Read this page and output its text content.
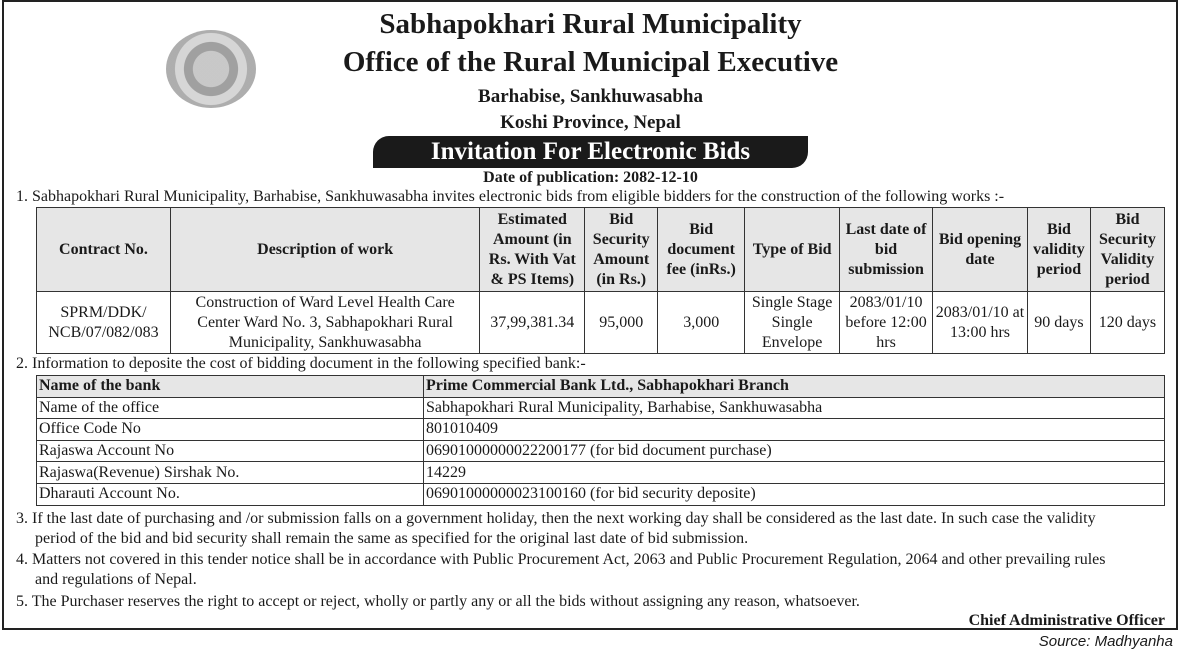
Sabhapokhari Rural Municipality
Office of the Rural Municipal Executive
Barhabise, Sankhuwasabha
Koshi Province, Nepal
Invitation For Electronic Bids
Date of publication: 2082-12-10
1. Sabhapokhari Rural Municipality, Barhabise, Sankhuwasabha invites electronic bids from eligible bidders for the construction of the following works :-
Contract No.	Description of work	Estimated Amount (in Rs. With Vat & PS Items)	Bid Security Amount (in Rs.)	Bid document fee (inRs.)	Type of Bid	Last date of bid submission	Bid opening date	Bid validity period	Bid Security Validity period
SPRM/DDK/ NCB/07/082/083	Construction of Ward Level Health Care Center Ward No. 3, Sabhapokhari Rural Municipality, Sankhuwasabha	37,99,381.34	95,000	3,000	Single Stage Single Envelope	2083/01/10 before 12:00 hrs	2083/01/10 at 13:00 hrs	90 days	120 days
2. Information to deposite the cost of bidding document in the following specified bank:-
Name of the bank	Prime Commercial Bank Ltd., Sabhapokhari Branch
Name of the office	Sabhapokhari Rural Municipality, Barhabise, Sankhuwasabha
Office Code No	801010409
Rajaswa Account No	06901000000022200177 (for bid document purchase)
Rajaswa(Revenue) Sirshak No.	14229
Dharauti Account No.	06901000000023100160 (for bid security deposite)
3. If the last date of purchasing and /or submission falls on a government holiday, then the next working day shall be considered as the last date. In such case the validity
period of the bid and bid security shall remain the same as specified for the original last date of bid submission.
4. Matters not covered in this tender notice shall be in accordance with Public Procurement Act, 2063 and Public Procurement Regulation, 2064 and other prevailing rules
and regulations of Nepal.
5. The Purchaser reserves the right to accept or reject, wholly or partly any or all the bids without assigning any reason, whatsoever.
Chief Administrative Officer
Source: Madhyanha
